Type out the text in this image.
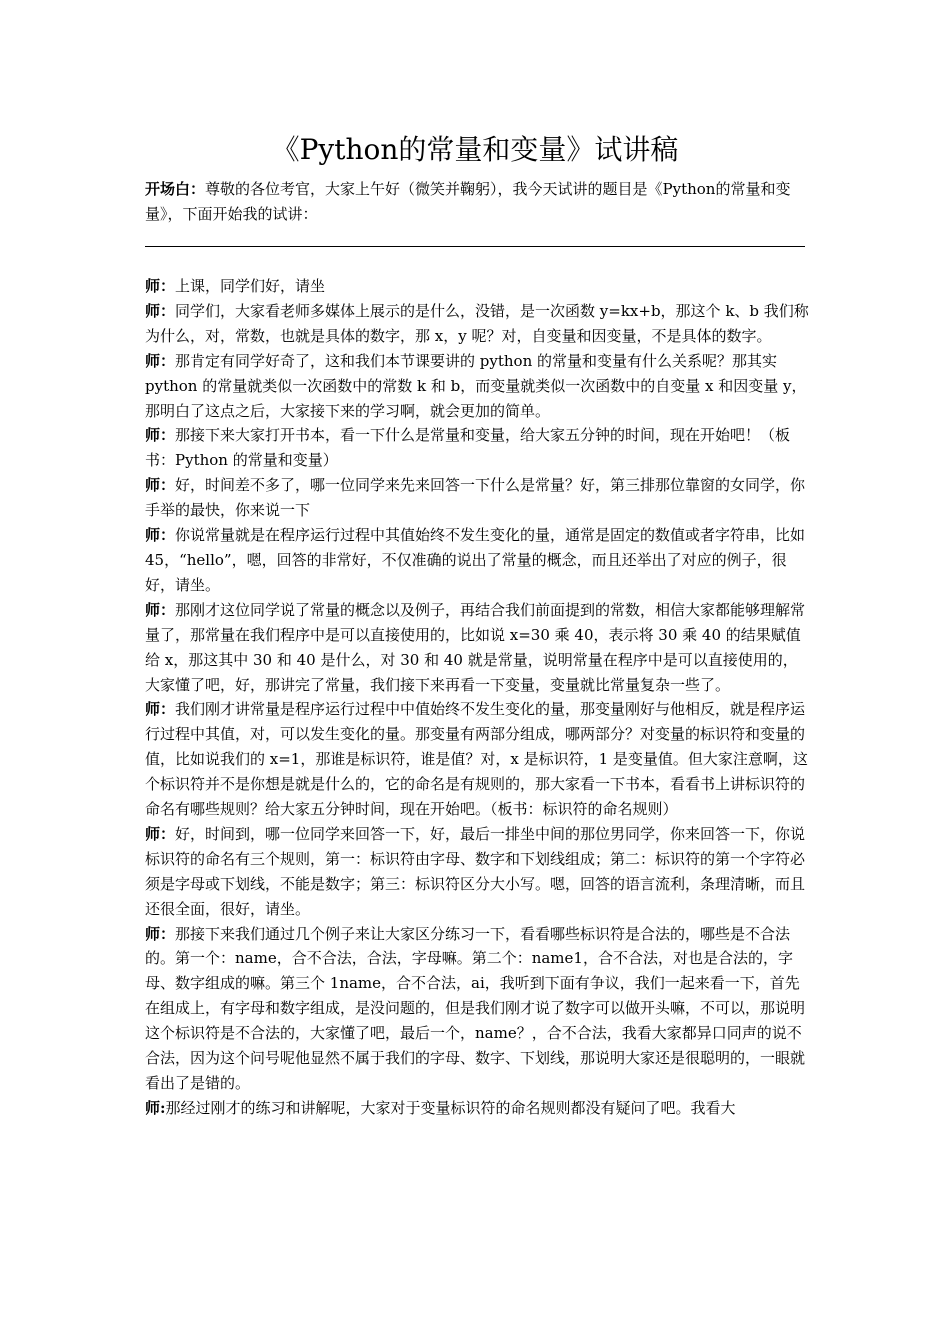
《Python的常量和变量》试讲稿

开场白：尊敬的各位考官，大家上午好（微笑并鞠躬），我今天试讲的题目是《Python的常量和变量》，下面开始我的试讲：

师：上课，同学们好，请坐

师：同学们，大家看老师多媒体上展示的是什么，没错，是一次函数 y=kx+b，那这个 k、b 我们称为什么，对，常数，也就是具体的数字，那 x，y 呢？对，自变量和因变量，不是具体的数字。

师：那肯定有同学好奇了，这和我们本节课要讲的 python 的常量和变量有什么关系呢？那其实 python 的常量就类似一次函数中的常数 k 和 b，而变量就类似一次函数中的自变量 x 和因变量 y，那明白了这点之后，大家接下来的学习啊，就会更加的简单。

师：那接下来大家打开书本，看一下什么是常量和变量，给大家五分钟的时间，现在开始吧！（板书：Python 的常量和变量）

师：好，时间差不多了，哪一位同学来先来回答一下什么是常量？好，第三排那位靠窗的女同学，你手举的最快，你来说一下

师：你说常量就是在程序运行过程中其值始终不发生变化的量，通常是固定的数值或者字符串，比如 45，“hello”，嗯，回答的非常好，不仅准确的说出了常量的概念，而且还举出了对应的例子，很好，请坐。

师：那刚才这位同学说了常量的概念以及例子，再结合我们前面提到的常数，相信大家都能够理解常量了，那常量在我们程序中是可以直接使用的，比如说 x=30 乘 40，表示将 30 乘 40 的结果赋值给 x，那这其中 30 和 40 是什么，对 30 和 40 就是常量，说明常量在程序中是可以直接使用的，大家懂了吧，好，那讲完了常量，我们接下来再看一下变量，变量就比常量复杂一些了。

师：我们刚才讲常量是程序运行过程中中值始终不发生变化的量，那变量刚好与他相反，就是程序运行过程中其值，对，可以发生变化的量。那变量有两部分组成，哪两部分？对变量的标识符和变量的值，比如说我们的 x=1，那谁是标识符，谁是值？对，x 是标识符，1 是变量值。但大家注意啊，这个标识符并不是你想是就是什么的，它的命名是有规则的，那大家看一下书本，看看书上讲标识符的命名有哪些规则？给大家五分钟时间，现在开始吧。（板书：标识符的命名规则）

师：好，时间到，哪一位同学来回答一下，好，最后一排坐中间的那位男同学，你来回答一下，你说标识符的命名有三个规则，第一：标识符由字母、数字和下划线组成；第二：标识符的第一个字符必须是字母或下划线，不能是数字；第三：标识符区分大小写。嗯，回答的语言流利，条理清晰，而且还很全面，很好，请坐。

师：那接下来我们通过几个例子来让大家区分练习一下，看看哪些标识符是合法的，哪些是不合法的。第一个：name，合不合法，合法，字母嘛。第二个：name1，合不合法，对也是合法的，字母、数字组成的嘛。第三个 1name，合不合法，ai，我听到下面有争议，我们一起来看一下，首先在组成上，有字母和数字组成，是没问题的，但是我们刚才说了数字可以做开头嘛，不可以，那说明这个标识符是不合法的，大家懂了吧，最后一个，name？，合不合法，我看大家都异口同声的说不合法，因为这个问号呢他显然不属于我们的字母、数字、下划线，那说明大家还是很聪明的，一眼就看出了是错的。

师:那经过刚才的练习和讲解呢，大家对于变量标识符的命名规则都没有疑问了吧。我看大
